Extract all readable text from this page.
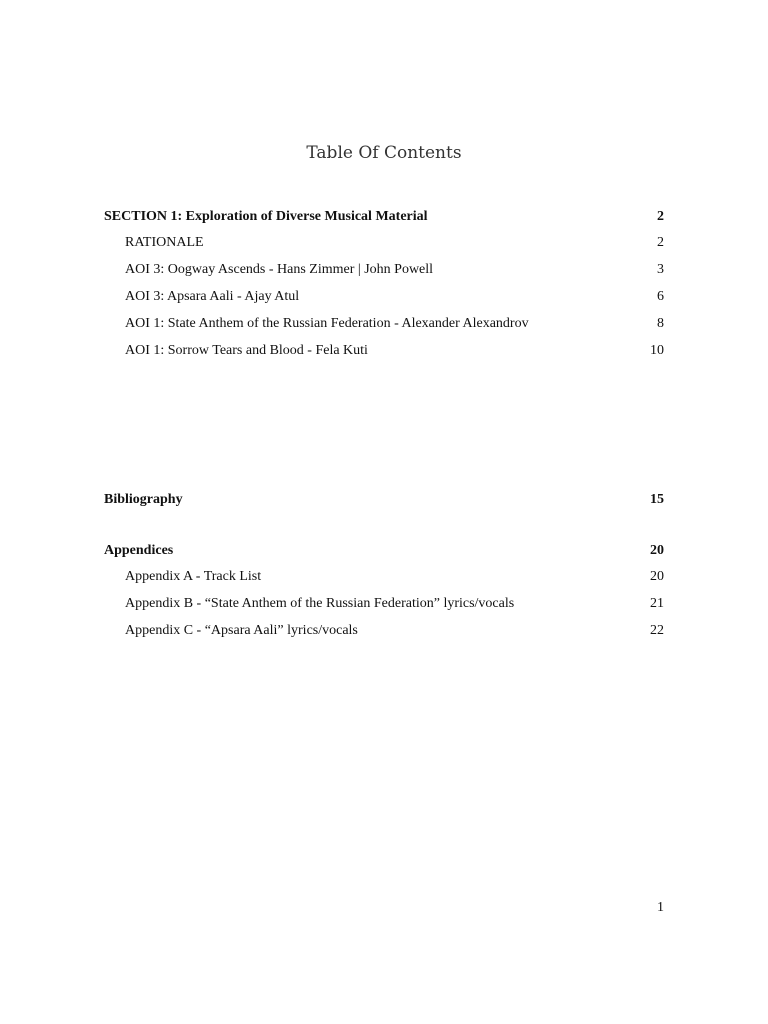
Table Of Contents
SECTION 1: Exploration of Diverse Musical Material	2
RATIONALE	2
AOI 3: Oogway Ascends - Hans Zimmer | John Powell	3
AOI 3: Apsara Aali - Ajay Atul	6
AOI 1: State Anthem of the Russian Federation - Alexander Alexandrov	8
AOI 1: Sorrow Tears and Blood - Fela Kuti	10
Bibliography	15
Appendices	20
Appendix A - Track List	20
Appendix B - “State Anthem of the Russian Federation” lyrics/vocals	21
Appendix C - “Apsara Aali” lyrics/vocals	22
1
